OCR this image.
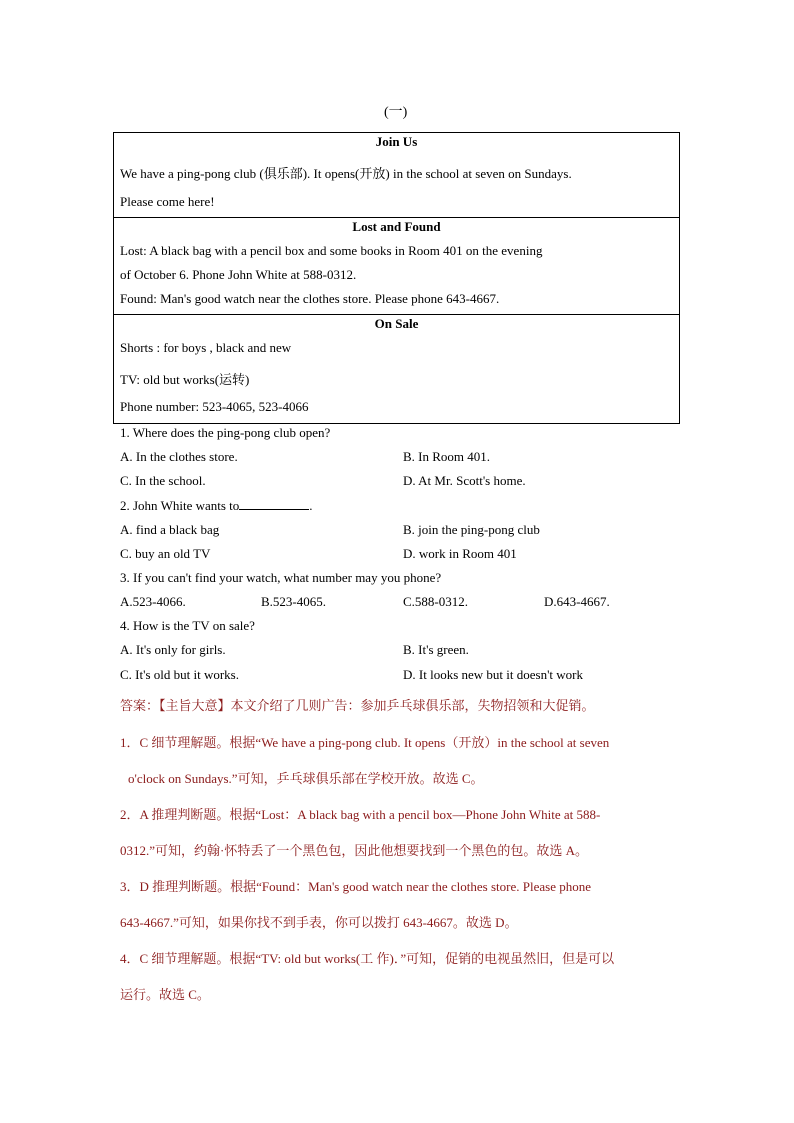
(一)
Join Us
We have a ping-pong club (俱乐部). It opens(开放) in the school at seven on Sundays.
Please come here!
Lost and Found
Lost: A black bag with a pencil box and some books in Room 401 on the evening
of October 6. Phone John White at 588-0312.
Found: Man's good watch near the clothes store. Please phone 643-4667.
On Sale
Shorts : for boys , black and new
TV: old but works(运转)
Phone number: 523-4065, 523-4066
1. Where does the ping-pong club open?
A. In the clothes store.	B. In Room 401.
C. In the school.	D. At Mr. Scott's home.
2. John White wants to	.
A. find a black bag	B. join the ping-pong club
C. buy an old TV	D. work in Room 401
3. If you can't find your watch, what number may you phone?
A.523-4066.	B.523-4065.	C.588-0312.	D.643-4667.
4. How is the TV on sale?
A. It's only for girls.	B. It's green.
C. It's old but it works.	D. It looks new but it doesn't work
答案：【主旨大意】本文介绍了几则广告：参加乒乓球俱乐部，失物招领和大促销。
1．C 细节理解题。根据“We have a ping-pong club. It opens（开放）in the school at seven
o'clock on Sundays.”可知，乒乓球俱乐部在学校开放。故选 C。
2．A 推理判断题。根据“Lost：A black bag with a pencil box—Phone John White at 588-
0312.”可知，约翰·怀特丢了一个黑色包，因此他想要找到一个黑色的包。故选 A。
3．D 推理判断题。根据“Found：Man's good watch near the clothes store. Please phone
643-4667.”可知，如果你找不到手表，你可以拨打 643-4667。故选 D。
4．C 细节理解题。根据“TV: old but works(工 作)．”可知，促销的电视虽然旧，但是可以
运行。故选 C。
